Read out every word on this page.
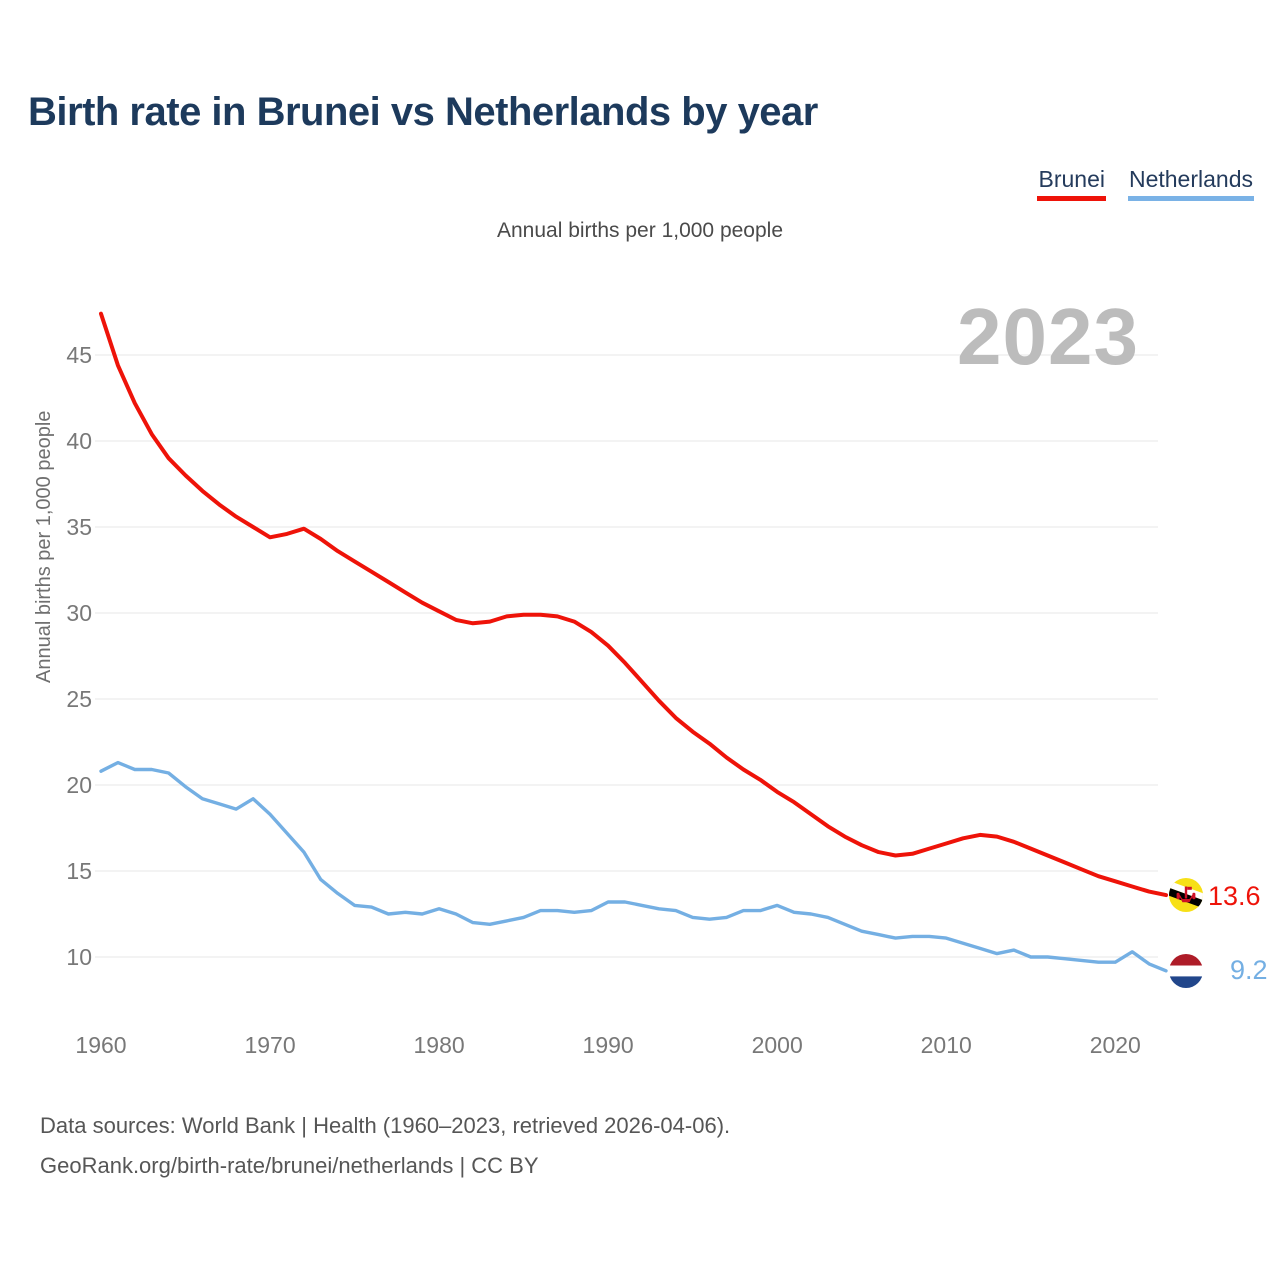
Birth rate in Brunei vs Netherlands by year
Brunei Netherlands
Annual births per 1,000 people
Annual births per 1,000 people
10
15
20
25
30
35
40
45
1960	1970	1980	1990	2000	2010	2020
2023
13.6
9.2
Data sources: World Bank | Health (1960–2023, retrieved 2026-04-06).
GeoRank.org/birth-rate/brunei/netherlands | CC BY
